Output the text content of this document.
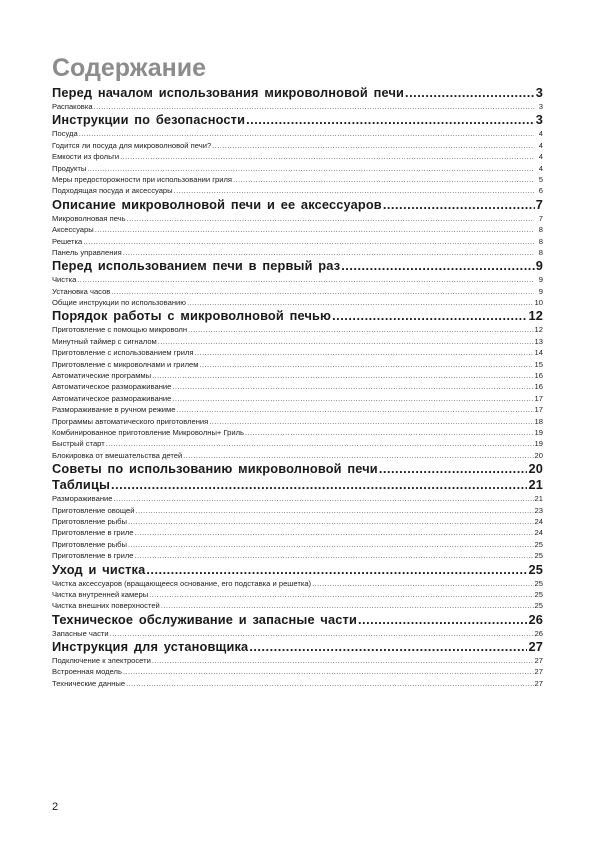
Содержание
Перед началом использования микроволновой печи .....	3
Распаковка .....	3
Инструкции по безопасности .....	3
Посуда .....	4
Годится ли посуда для микроволновой печи? .....	4
Емкости из фольги .....	4
Продукты .....	4
Меры предосторожности при использовании гриля .....	5
Подходящая посуда и аксессуары .....	6
Описание микроволновой печи и ее аксессуаров .....	7
Микроволновая печь .....	7
Аксессуары .....	8
Решетка .....	8
Панель управления .....	8
Перед использованием печи в первый раз .....	9
Чистка .....	9
Установка часов .....	9
Общие инструкции по использованию .....	10
Порядок работы с микроволновой печью .....	12
Приготовление с помощью микроволн .....	12
Минутный таймер с сигналом .....	13
Приготовление с использованием гриля .....	14
Приготовление с микроволнами и грилем .....	15
Автоматические программы .....	16
Автоматическое размораживание .....	16
Автоматическое размораживание .....	17
Размораживание в ручном режиме .....	17
Программы автоматического приготовления .....	18
Комбинированное приготовление Микроволны+ Гриль .....	19
Быстрый старт .....	19
Блокировка от вмешательства детей .....	20
Советы по использованию микроволновой печи .....	20
Таблицы .....	21
Размораживание .....	21
Приготовление овощей .....	23
Приготовление рыбы .....	24
Приготовление в гриле .....	24
Приготовление рыбы .....	25
Приготовление в гриле .....	25
Уход и чистка .....	25
Чистка аксессуаров (вращающееся основание, его подставка и решетка) .....	25
Чистка внутренней камеры .....	25
Чистка внешних поверхностей .....	25
Техническое обслуживание и запасные части .....	26
Запасные части .....	26
Инструкция для установщика .....	27
Подключение к электросети .....	27
Встроенная модель .....	27
Технические данные .....	27
2
